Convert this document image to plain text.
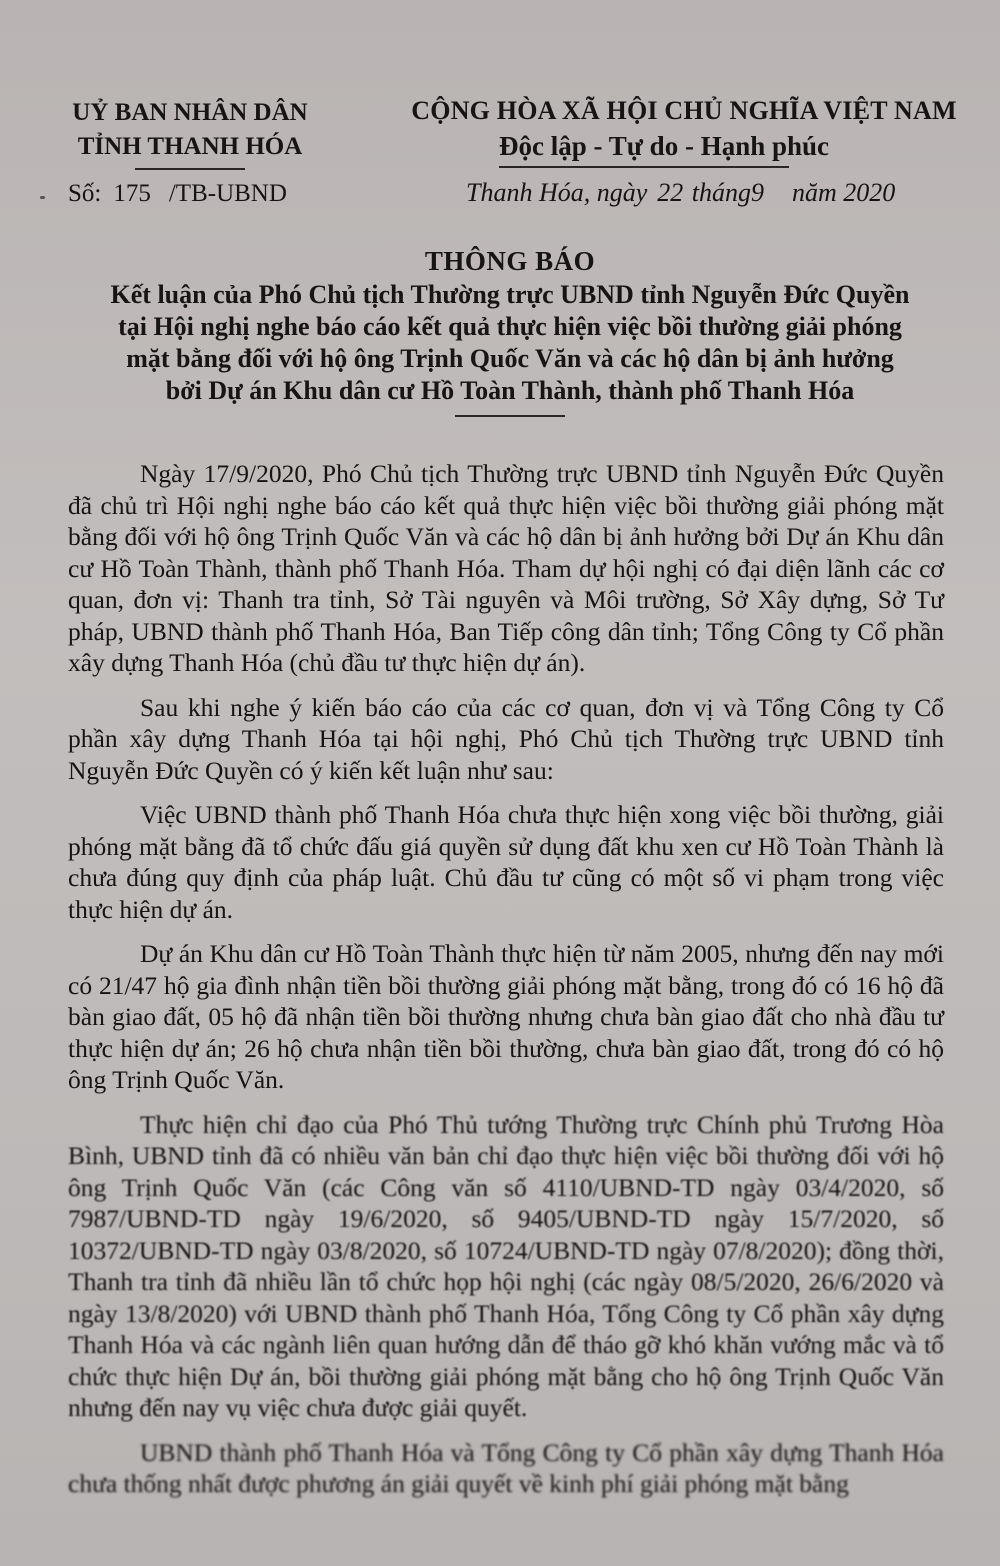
UỶ BAN NHÂN DÂN
TỈNH THANH HÓA
Số: 175 /TB-UBND
CỘNG HÒA XÃ HỘI CHỦ NGHĨA VIỆT NAM
Độc lập - Tự do - Hạnh phúc
Thanh Hóa, ngày 22 tháng9 năm 2020
THÔNG BÁO
Kết luận của Phó Chủ tịch Thường trực UBND tỉnh Nguyễn Đức Quyền
tại Hội nghị nghe báo cáo kết quả thực hiện việc bồi thường giải phóng
mặt bằng đối với hộ ông Trịnh Quốc Văn và các hộ dân bị ảnh hưởng
bởi Dự án Khu dân cư Hồ Toàn Thành, thành phố Thanh Hóa

Ngày 17/9/2020, Phó Chủ tịch Thường trực UBND tỉnh Nguyễn Đức Quyền đã chủ trì Hội nghị nghe báo cáo kết quả thực hiện việc bồi thường giải phóng mặt bằng đối với hộ ông Trịnh Quốc Văn và các hộ dân bị ảnh hưởng bởi Dự án Khu dân cư Hồ Toàn Thành, thành phố Thanh Hóa. Tham dự hội nghị có đại diện lãnh các cơ quan, đơn vị: Thanh tra tỉnh, Sở Tài nguyên và Môi trường, Sở Xây dựng, Sở Tư pháp, UBND thành phố Thanh Hóa, Ban Tiếp công dân tỉnh; Tổng Công ty Cổ phần xây dựng Thanh Hóa (chủ đầu tư thực hiện dự án).

Sau khi nghe ý kiến báo cáo của các cơ quan, đơn vị và Tổng Công ty Cổ phần xây dựng Thanh Hóa tại hội nghị, Phó Chủ tịch Thường trực UBND tỉnh Nguyễn Đức Quyền có ý kiến kết luận như sau:

Việc UBND thành phố Thanh Hóa chưa thực hiện xong việc bồi thường, giải phóng mặt bằng đã tổ chức đấu giá quyền sử dụng đất khu xen cư Hồ Toàn Thành là chưa đúng quy định của pháp luật. Chủ đầu tư cũng có một số vi phạm trong việc thực hiện dự án.

Dự án Khu dân cư Hồ Toàn Thành thực hiện từ năm 2005, nhưng đến nay mới có 21/47 hộ gia đình nhận tiền bồi thường giải phóng mặt bằng, trong đó có 16 hộ đã bàn giao đất, 05 hộ đã nhận tiền bồi thường nhưng chưa bàn giao đất cho nhà đầu tư thực hiện dự án; 26 hộ chưa nhận tiền bồi thường, chưa bàn giao đất, trong đó có hộ ông Trịnh Quốc Văn.

Thực hiện chỉ đạo của Phó Thủ tướng Thường trực Chính phủ Trương Hòa Bình, UBND tỉnh đã có nhiều văn bản chỉ đạo thực hiện việc bồi thường đối với hộ ông Trịnh Quốc Văn (các Công văn số 4110/UBND-TD ngày 03/4/2020, số 7987/UBND-TD ngày 19/6/2020, số 9405/UBND-TD ngày 15/7/2020, số 10372/UBND-TD ngày 03/8/2020, số 10724/UBND-TD ngày 07/8/2020); đồng thời, Thanh tra tỉnh đã nhiều lần tổ chức họp hội nghị (các ngày 08/5/2020, 26/6/2020 và ngày 13/8/2020) với UBND thành phố Thanh Hóa, Tổng Công ty Cổ phần xây dựng Thanh Hóa và các ngành liên quan hướng dẫn để tháo gỡ khó khăn vướng mắc và tổ chức thực hiện Dự án, bồi thường giải phóng mặt bằng cho hộ ông Trịnh Quốc Văn nhưng đến nay vụ việc chưa được giải quyết.

UBND thành phố Thanh Hóa và Tổng Công ty Cổ phần xây dựng Thanh Hóa chưa thống nhất được phương án giải quyết về kinh phí giải phóng mặt bằng
